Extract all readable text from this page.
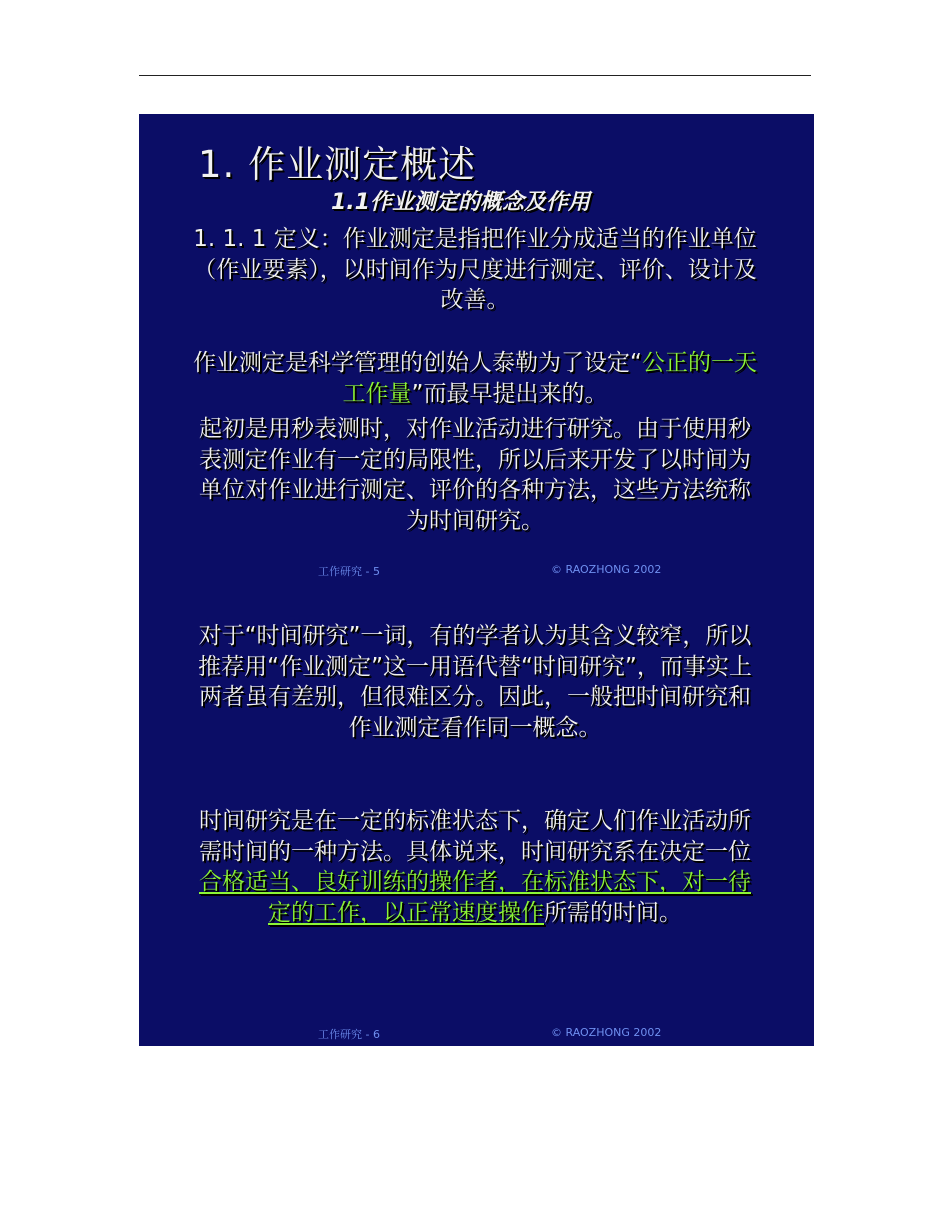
1. 作业测定概述
1.1作业测定的概念及作用
1. 1. 1 定义：作业测定是指把作业分成适当的作业单位（作业要素），以时间作为尺度进行测定、评价、设计及改善。
作业测定是科学管理的创始人泰勒为了设定“公正的一天工作量”而最早提出来的。
起初是用秒表测时，对作业活动进行研究。由于使用秒表测定作业有一定的局限性，所以后来开发了以时间为单位对作业进行测定、评价的各种方法，这些方法统称为时间研究。
工作研究 - 5	© RAOZHONG 2002
对于“时间研究”一词，有的学者认为其含义较窄，所以推荐用“作业测定”这一用语代替“时间研究”，而事实上两者虽有差别，但很难区分。因此，一般把时间研究和作业测定看作同一概念。
时间研究是在一定的标准状态下，确定人们作业活动所需时间的一种方法。具体说来，时间研究系在决定一位合格适当、良好训练的操作者，在标准状态下，对一待定的工作，以正常速度操作所需的时间。
工作研究 - 6	© RAOZHONG 2002
